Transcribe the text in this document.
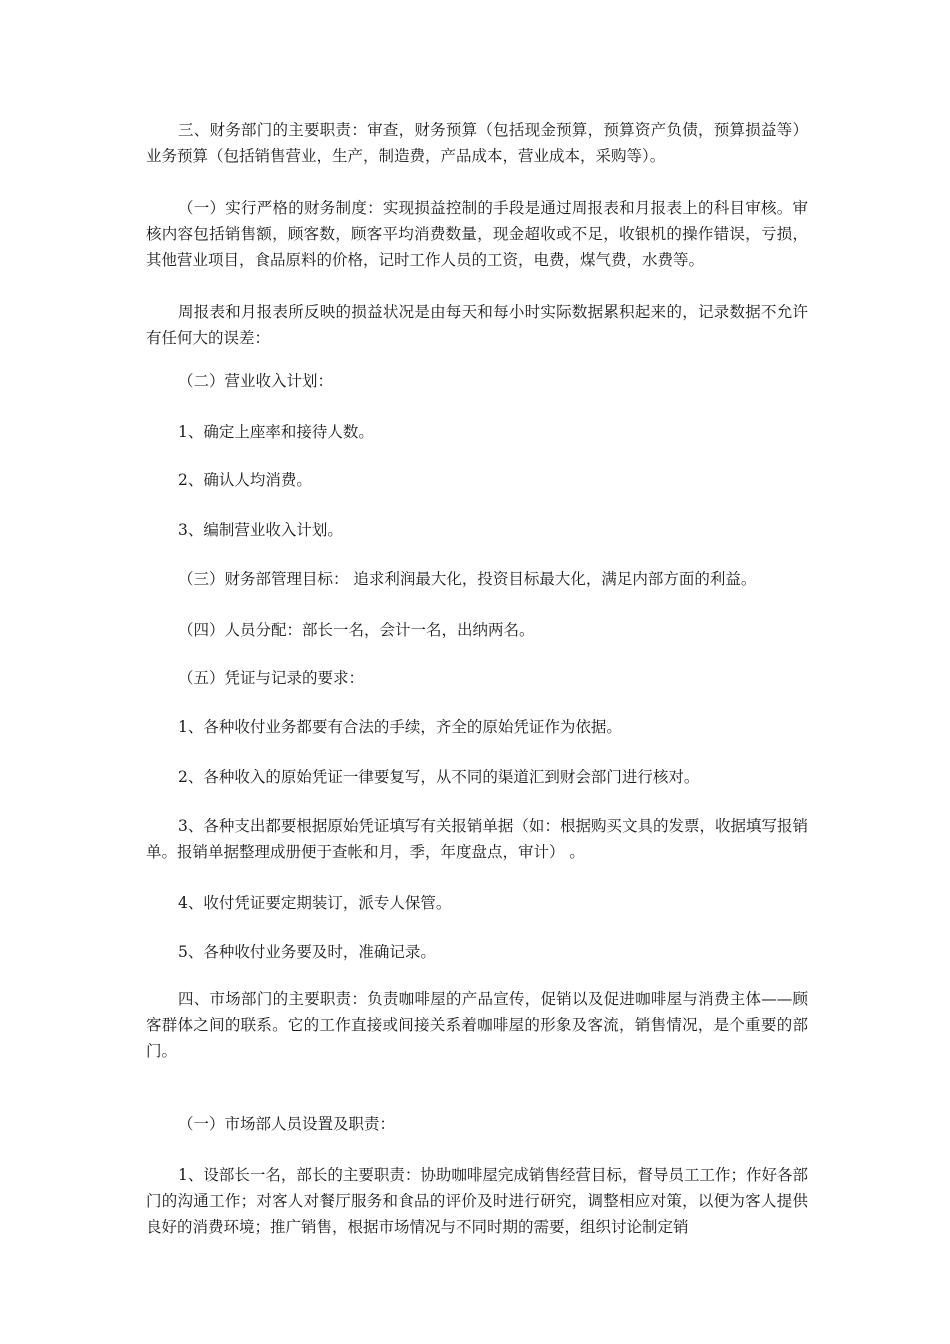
三、财务部门的主要职责：审查，财务预算（包括现金预算，预算资产负债，预算损益等）业务预算（包括销售营业，生产，制造费，产品成本，营业成本，采购等）。

（一）实行严格的财务制度：实现损益控制的手段是通过周报表和月报表上的科目审核。审核内容包括销售额，顾客数，顾客平均消费数量，现金超收或不足，收银机的操作错误，亏损，其他营业项目，食品原料的价格，记时工作人员的工资，电费，煤气费，水费等。

周报表和月报表所反映的损益状况是由每天和每小时实际数据累积起来的，记录数据不允许有任何大的误差：

（二）营业收入计划：

1、确定上座率和接待人数。

2、确认人均消费。

3、编制营业收入计划。

（三）财务部管理目标： 追求利润最大化，投资目标最大化，满足内部方面的利益。

（四）人员分配：部长一名，会计一名，出纳两名。

（五）凭证与记录的要求：

1、各种收付业务都要有合法的手续，齐全的原始凭证作为依据。

2、各种收入的原始凭证一律要复写，从不同的渠道汇到财会部门进行核对。

3、各种支出都要根据原始凭证填写有关报销单据（如：根据购买文具的发票，收据填写报销单。报销单据整理成册便于查帐和月，季，年度盘点，审计） 。

4、收付凭证要定期装订，派专人保管。

5、各种收付业务要及时，准确记录。

四、市场部门的主要职责：负责咖啡屋的产品宣传，促销以及促进咖啡屋与消费主体——顾客群体之间的联系。它的工作直接或间接关系着咖啡屋的形象及客流，销售情况，是个重要的部门。

（一）市场部人员设置及职责：

1、设部长一名，部长的主要职责：协助咖啡屋完成销售经营目标，督导员工工作；作好各部门的沟通工作；对客人对餐厅服务和食品的评价及时进行研究，调整相应对策，以便为客人提供良好的消费环境；推广销售，根据市场情况与不同时期的需要，组织讨论制定销
